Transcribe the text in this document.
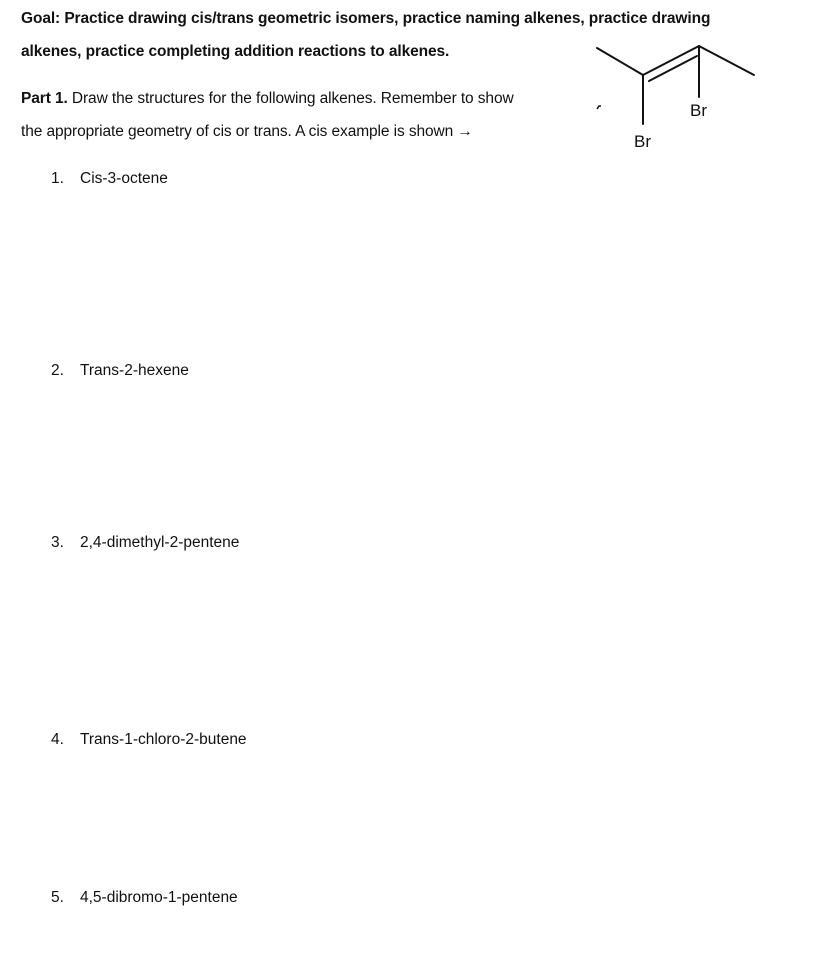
Goal: Practice drawing cis/trans geometric isomers, practice naming alkenes, practice drawing
alkenes, practice completing addition reactions to alkenes.
Part 1. Draw the structures for the following alkenes. Remember to show
the appropriate geometry of cis or trans. A cis example is shown →
Br
Br
1. Cis-3-octene
2. Trans-2-hexene
3. 2,4-dimethyl-2-pentene
4. Trans-1-chloro-2-butene
5. 4,5-dibromo-1-pentene
